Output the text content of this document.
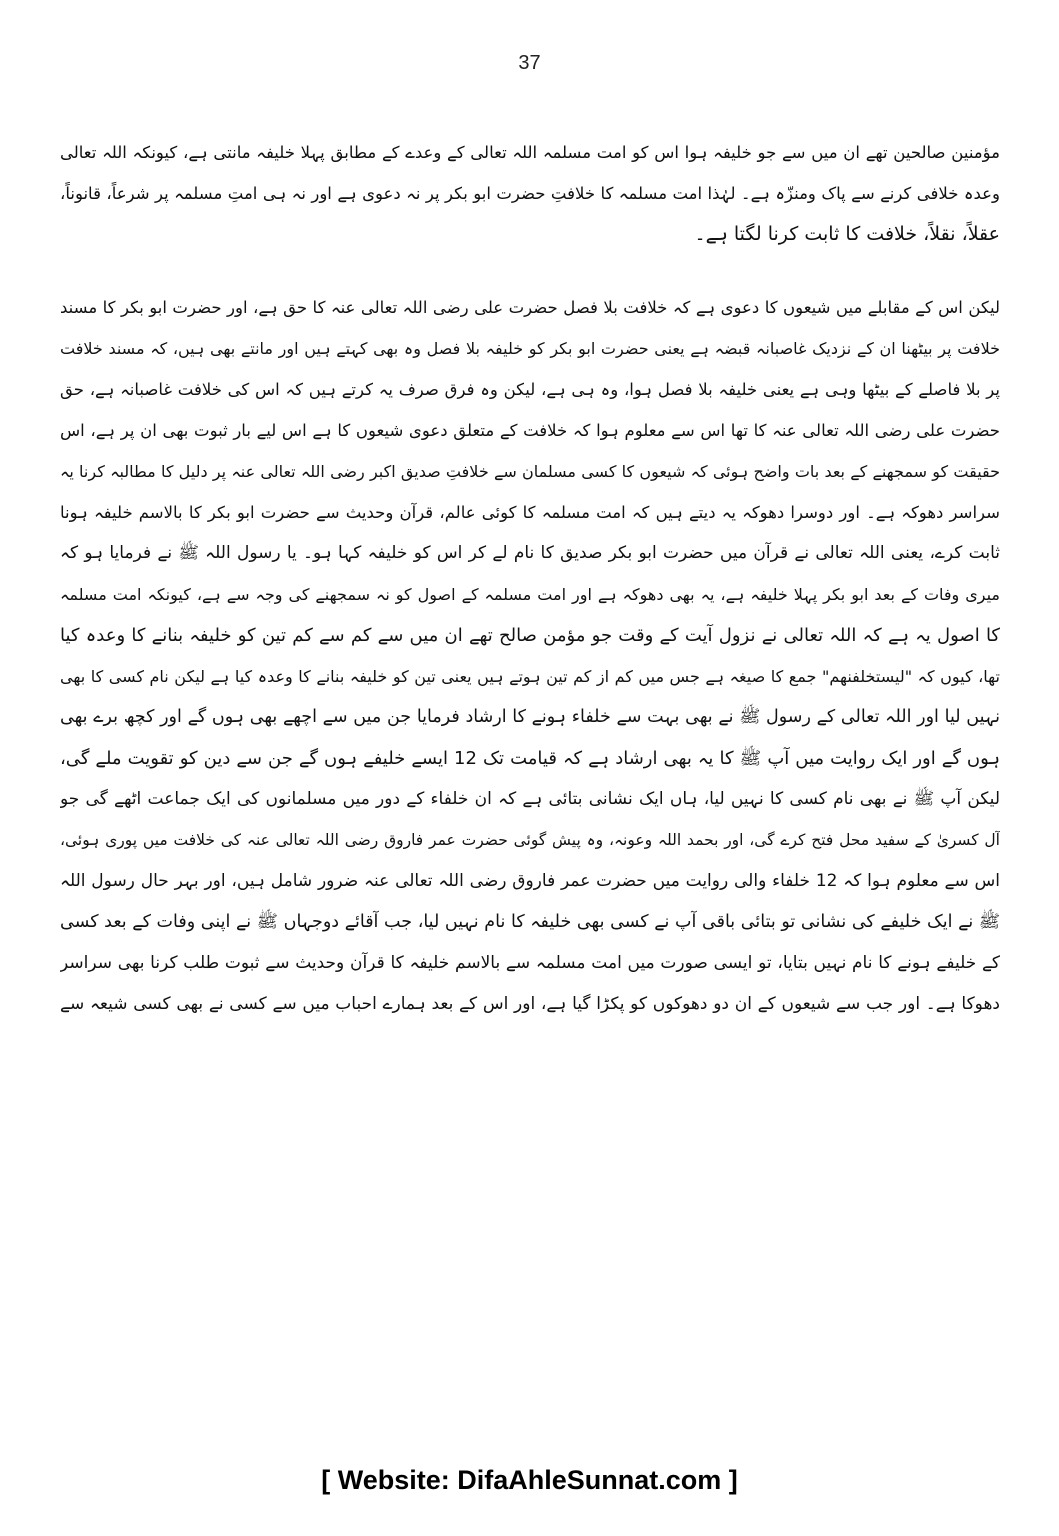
37
مؤمنین صالحین تھے ان میں سے جو خلیفہ ہوا اس کو امت مسلمہ اللہ تعالی کے وعدے کے مطابق پہلا خلیفہ مانتی ہے، کیونکہ اللہ تعالی
وعدہ خلافی کرنے سے پاک ومنزّہ ہے۔ لہٰذا امت مسلمہ کا خلافتِ حضرت ابو بکر پر نہ دعوی ہے اور نہ ہی امتِ مسلمہ پر شرعاً، قانوناً،
عقلاً، نقلاً، خلافت کا ثابت کرنا لگتا ہے۔
لیکن اس کے مقابلے میں شیعوں کا دعوی ہے کہ خلافت بلا فصل حضرت علی رضی اللہ تعالی عنہ کا حق ہے، اور حضرت ابو بکر کا مسند
خلافت پر بیٹھنا ان کے نزدیک غاصبانہ قبضہ ہے یعنی حضرت ابو بکر کو خلیفہ بلا فصل وہ بھی کہتے ہیں اور مانتے بھی ہیں، کہ مسند خلافت
پر بلا فاصلے کے بیٹھا وہی ہے یعنی خلیفہ بلا فصل ہوا، وہ ہی ہے، لیکن وہ فرق صرف یہ کرتے ہیں کہ اس کی خلافت غاصبانہ ہے، حق
حضرت علی رضی اللہ تعالی عنہ کا تھا اس سے معلوم ہوا کہ خلافت کے متعلق دعوی شیعوں کا ہے اس لیے بار ثبوت بھی ان پر ہے، اس
حقیقت کو سمجھنے کے بعد بات واضح ہوئی کہ شیعوں کا کسی مسلمان سے خلافتِ صدیق اکبر رضی اللہ تعالی عنہ پر دلیل کا مطالبہ کرنا یہ
سراسر دھوکہ ہے۔ اور دوسرا دھوکہ یہ دیتے ہیں کہ امت مسلمہ کا کوئی عالم، قرآن وحدیث سے حضرت ابو بکر کا بالاسم خلیفہ ہونا
ثابت کرے، یعنی اللہ تعالی نے قرآن میں حضرت ابو بکر صدیق کا نام لے کر اس کو خلیفہ کہا ہو۔ یا رسول اللہ ﷺ نے فرمایا ہو کہ
میری وفات کے بعد ابو بکر پہلا خلیفہ ہے، یہ بھی دھوکہ ہے اور امت مسلمہ کے اصول کو نہ سمجھنے کی وجہ سے ہے، کیونکہ امت مسلمہ
کا اصول یہ ہے کہ اللہ تعالی نے نزول آیت کے وقت جو مؤمن صالح تھے ان میں سے کم سے کم تین کو خلیفہ بنانے کا وعدہ کیا
تھا، کیوں کہ "لیستخلفنھم" جمع کا صیغہ ہے جس میں کم از کم تین ہوتے ہیں یعنی تین کو خلیفہ بنانے کا وعدہ کیا ہے لیکن نام کسی کا بھی
نہیں لیا اور اللہ تعالی کے رسول ﷺ نے بھی بہت سے خلفاء ہونے کا ارشاد فرمایا جن میں سے اچھے بھی ہوں گے اور کچھ برے بھی
ہوں گے اور ایک روایت میں آپ ﷺ کا یہ بھی ارشاد ہے کہ قیامت تک 12 ایسے خلیفے ہوں گے جن سے دین کو تقویت ملے گی،
لیکن آپ ﷺ نے بھی نام کسی کا نہیں لیا، ہاں ایک نشانی بتائی ہے کہ ان خلفاء کے دور میں مسلمانوں کی ایک جماعت اٹھے گی جو
آل کسریٰ کے سفید محل فتح کرے گی، اور بحمد اللہ وعونہ، وہ پیش گوئی حضرت عمر فاروق رضی اللہ تعالی عنہ کی خلافت میں پوری ہوئی،
اس سے معلوم ہوا کہ 12 خلفاء والی روایت میں حضرت عمر فاروق رضی اللہ تعالی عنہ ضرور شامل ہیں، اور بہر حال رسول اللہ
ﷺ نے ایک خلیفے کی نشانی تو بتائی باقی آپ نے کسی بھی خلیفہ کا نام نہیں لیا، جب آقائے دوجہاں ﷺ نے اپنی وفات کے بعد کسی
کے خلیفے ہونے کا نام نہیں بتایا، تو ایسی صورت میں امت مسلمہ سے بالاسم خلیفہ کا قرآن وحدیث سے ثبوت طلب کرنا بھی سراسر
دھوکا ہے۔ اور جب سے شیعوں کے ان دو دھوکوں کو پکڑا گیا ہے، اور اس کے بعد ہمارے احباب میں سے کسی نے بھی کسی شیعہ سے
[ Website: DifaAhleSunnat.com ]
